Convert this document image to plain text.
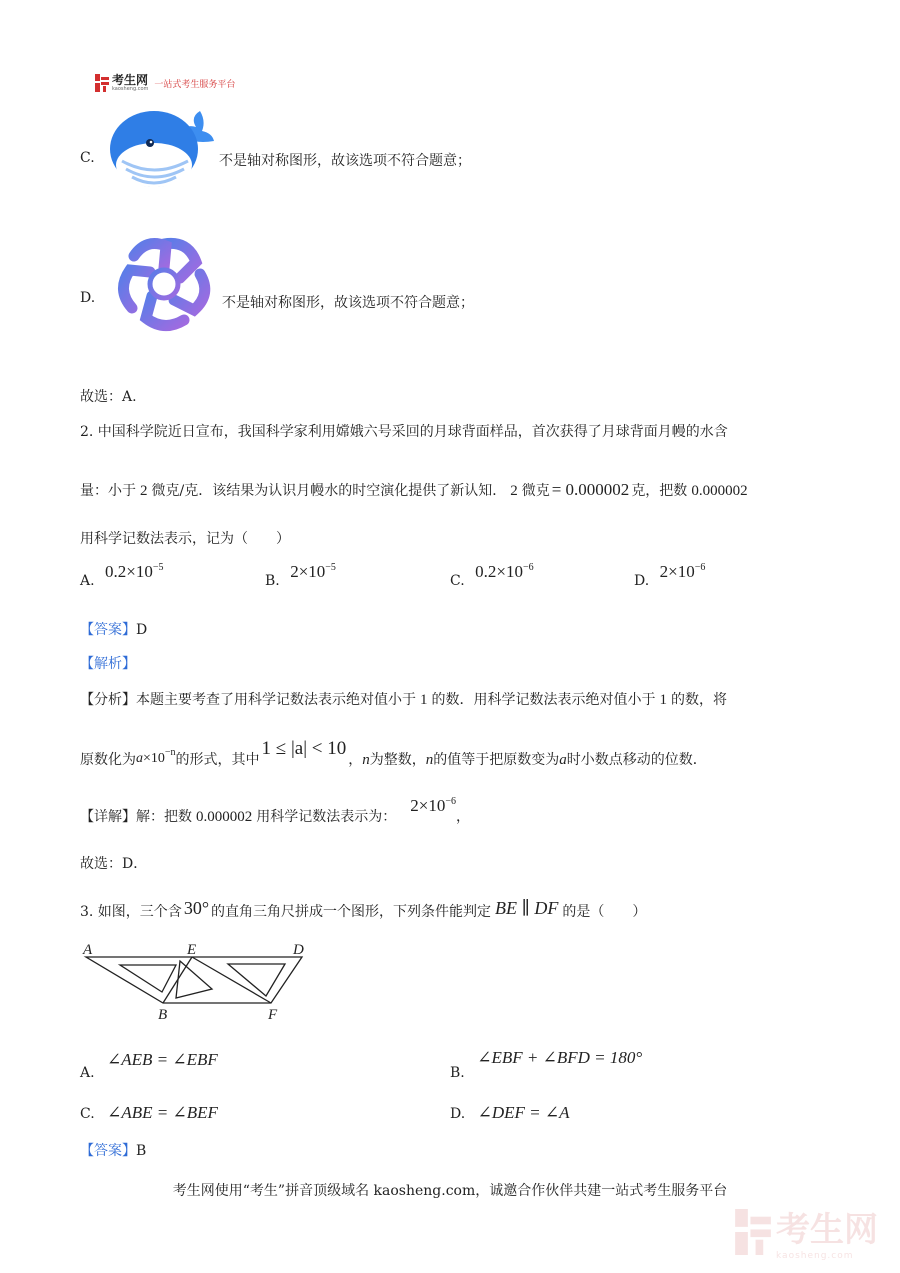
考生网
kaosheng.com 一站式考生服务平台
C.	不是轴对称图形，故该选项不符合题意；
D.	不是轴对称图形，故该选项不符合题意；
故选：A.
2. 中国科学院近日宣布，我国科学家利用嫦娥六号采回的月球背面样品，首次获得了月球背面月幔的水含
量：小于 2 微克/克．该结果为认识月幔水的时空演化提供了新认知． 2 微克 = 0.000002 克，把数 0.000002
用科学记数法表示，记为（　　）
A. $0.2\times 10^{-5}$
B. $2\times 10^{-5}$
C. $0.2\times 10^{-6}$
D. $2\times 10^{-6}$
【答案】D
【解析】
【分析】本题主要考查了用科学记数法表示绝对值小于 1 的数．用科学记数法表示绝对值小于 1 的数，将
原数化为$a\times 10^{-n}$的形式，其中1 ≤ |a| < 10，n为整数，n的值等于把原数变为a时小数点移动的位数．
【详解】解：把数 0.000002 用科学记数法表示为：$2\times 10^{-6}$，
故选：D．
3. 如图，三个含 30° 的直角三角尺拼成一个图形，下列条件能判定 BE ∥ DF 的是（　　）
A	E	D
B	F
A. ∠AEB = ∠EBF
B. ∠EBF + ∠BFD = 180°
C. ∠ABE = ∠BEF	D. ∠DEF = ∠A
【答案】B
考生网使用“考生”拼音顶级域名 kaosheng.com，诚邀合作伙伴共建一站式考生服务平台
考生网
kaosheng.com
